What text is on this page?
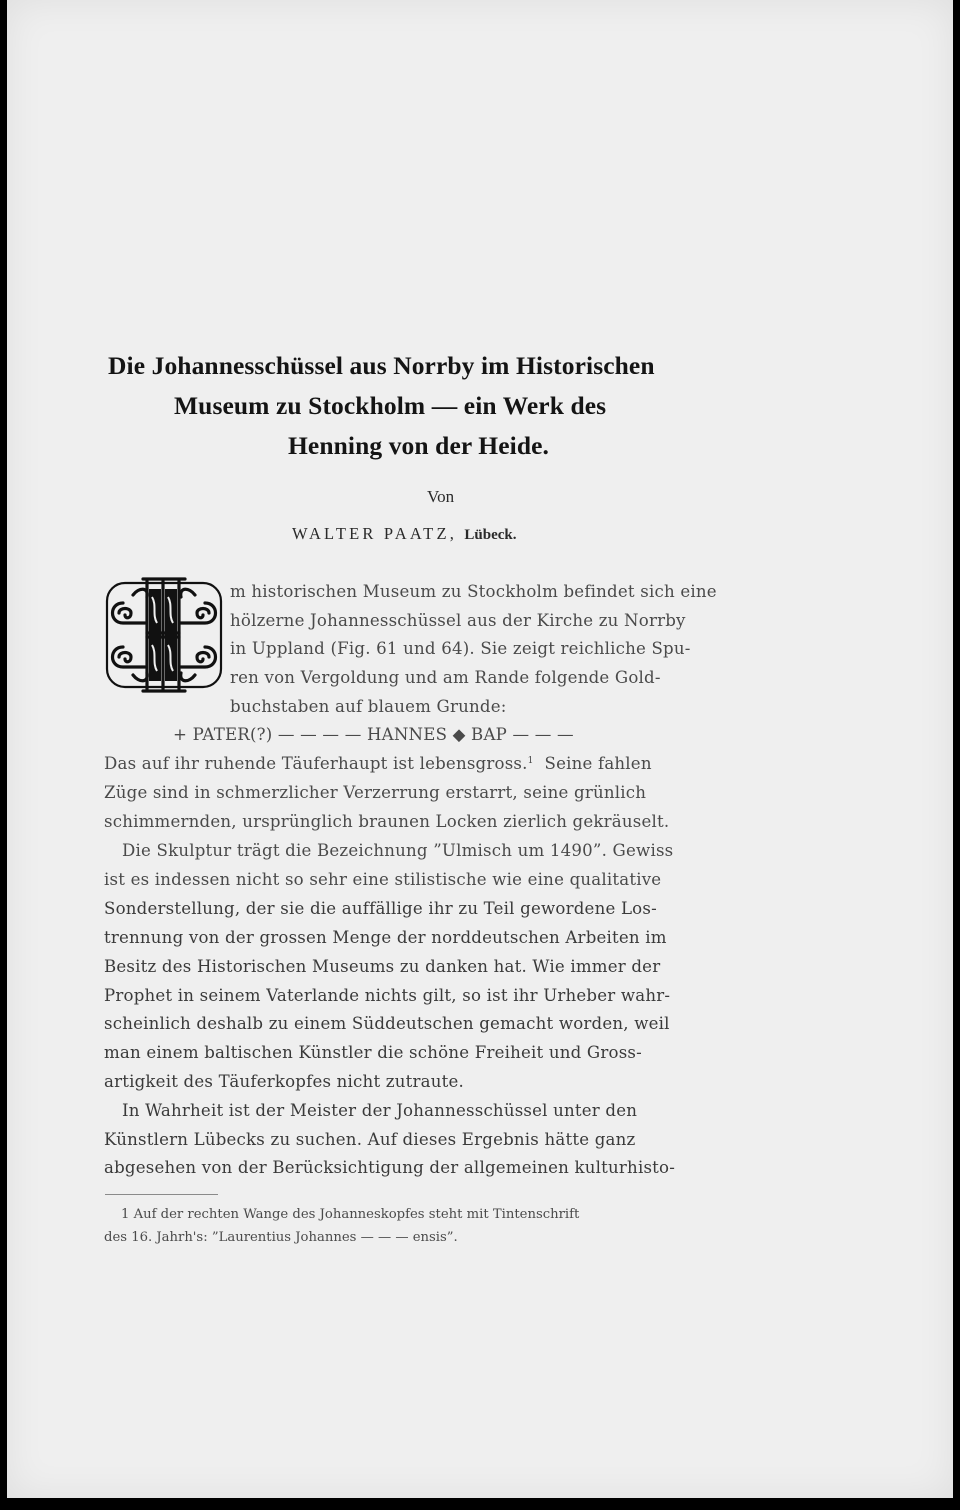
Die Johannesschüssel aus Norrby im Historischen
Museum zu Stockholm — ein Werk des
Henning von der Heide.
Von
WALTER PAATZ, Lübeck.
m historischen Museum zu Stockholm befindet sich eine
hölzerne Johannesschüssel aus der Kirche zu Norrby
in Uppland (Fig. 61 und 64). Sie zeigt reichliche Spu-
ren von Vergoldung und am Rande folgende Gold-
buchstaben auf blauem Grunde:
+ PATER(?) — — — — HANNES ◆ BAP — — —
Das auf ihr ruhende Täuferhaupt ist lebensgross.$^1$ Seine fahlen
Züge sind in schmerzlicher Verzerrung erstarrt, seine grünlich
schimmernden, ursprünglich braunen Locken zierlich gekräuselt.
Die Skulptur trägt die Bezeichnung ”Ulmisch um 1490”. Gewiss
ist es indessen nicht so sehr eine stilistische wie eine qualitative
Sonderstellung, der sie die auffällige ihr zu Teil gewordene Los-
trennung von der grossen Menge der norddeutschen Arbeiten im
Besitz des Historischen Museums zu danken hat. Wie immer der
Prophet in seinem Vaterlande nichts gilt, so ist ihr Urheber wahr-
scheinlich deshalb zu einem Süddeutschen gemacht worden, weil
man einem baltischen Künstler die schöne Freiheit und Gross-
artigkeit des Täuferkopfes nicht zutraute.
In Wahrheit ist der Meister der Johannesschüssel unter den
Künstlern Lübecks zu suchen. Auf dieses Ergebnis hätte ganz
abgesehen von der Berücksichtigung der allgemeinen kulturhisto-
1 Auf der rechten Wange des Johanneskopfes steht mit Tintenschrift
des 16. Jahrh's: ”Laurentius Johannes — — — ensis”.
